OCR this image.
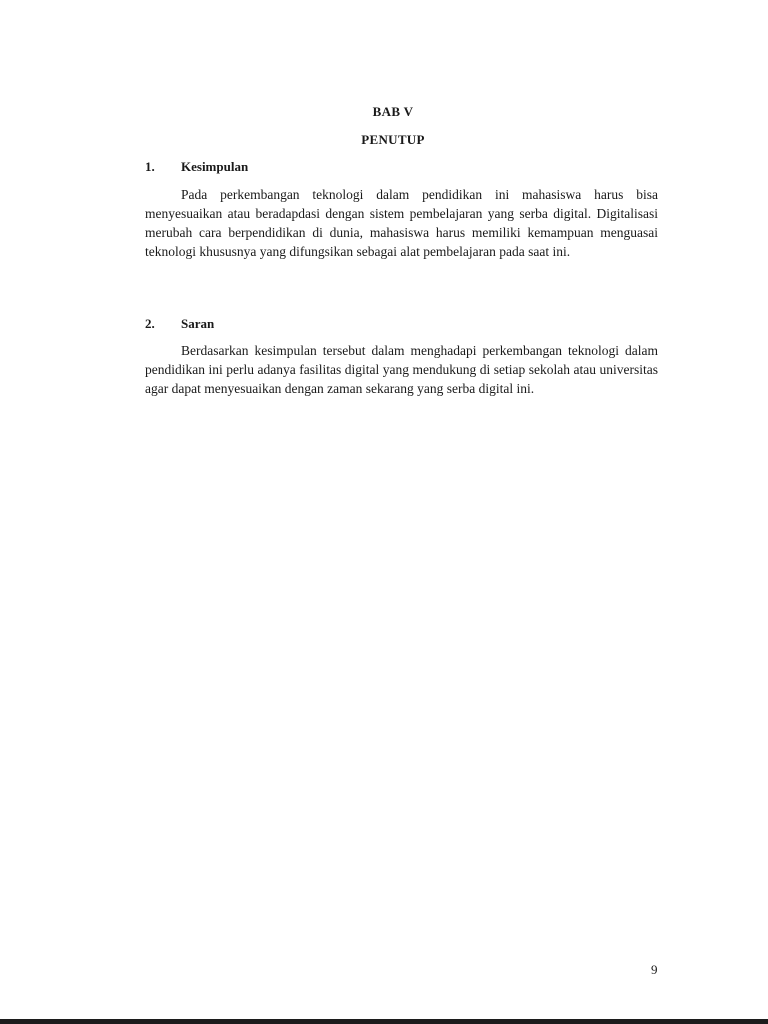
BAB V
PENUTUP
1. Kesimpulan

Pada perkembangan teknologi dalam pendidikan ini mahasiswa harus bisa menyesuaikan atau beradapdasi dengan sistem pembelajaran yang serba digital. Digitalisasi merubah cara berpendidikan di dunia, mahasiswa harus memiliki kemampuan menguasai teknologi khususnya yang difungsikan sebagai alat pembelajaran pada saat ini.

2. Saran

Berdasarkan kesimpulan tersebut dalam menghadapi perkembangan teknologi dalam pendidikan ini perlu adanya fasilitas digital yang mendukung di setiap sekolah atau universitas agar dapat menyesuaikan dengan zaman sekarang yang serba digital ini.

9
